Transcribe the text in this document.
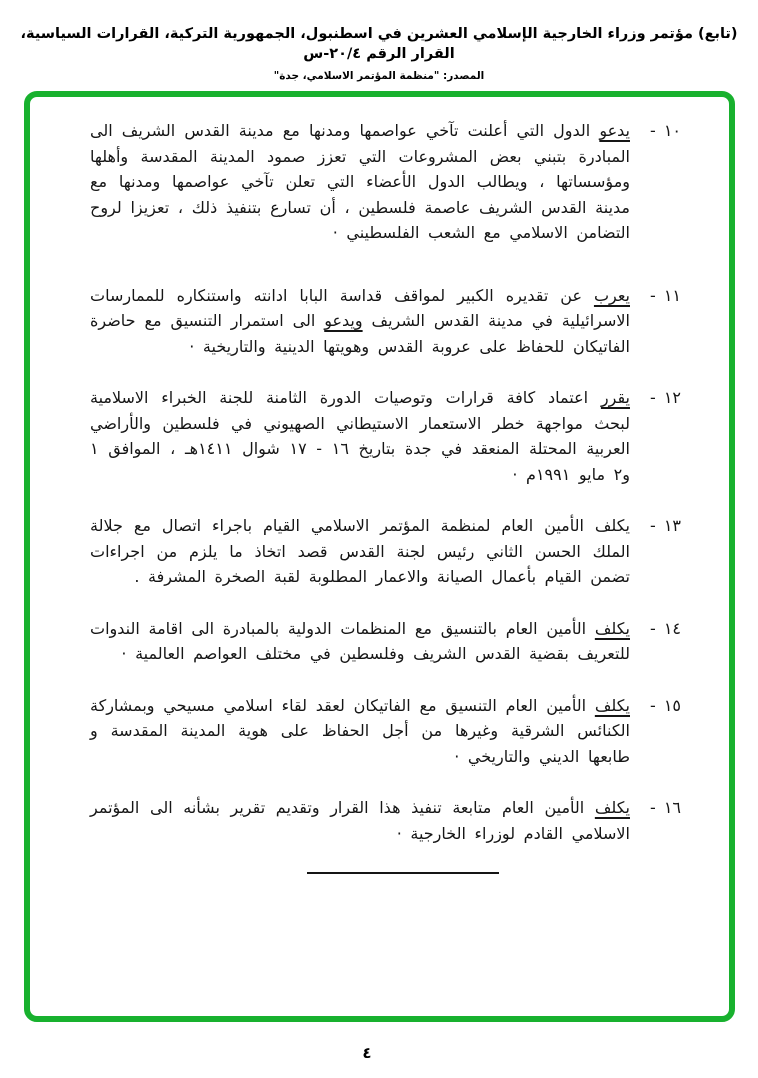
(تابع) مؤتمر وزراء الخارجية الإسلامي العشرين في اسطنبول، الجمهورية التركية، القرارات السياسية، القرار الرقم ٢٠/٤-س
المصدر: "منظمة المؤتمر الاسلامي، جدة"
١٠
-

يدعو الدول التي أعلنت تآخي عواصمها ومدنها مع مدينة القدس الشريف الى المبادرة بتبني بعض المشروعات التي تعزز صمود المدينة المقدسة وأهلها ومؤسساتها ، ويطالب الدول الأعضاء التي تعلن تآخي عواصمها ومدنها مع مدينة القدس الشريف عاصمة فلسطين ، أن تسارع بتنفيذ ذلك ، تعزيزا لروح التضامن الاسلامي مع الشعب الفلسطيني ·

١١
-

يعرب عن تقديره الكبير لمواقف قداسة البابا ادانته واستنكاره للممارسات الاسرائيلية في مدينة القدس الشريف ويدعو الى استمرار التنسيق مع حاضرة الفاتيكان للحفاظ على عروبة القدس وهويتها الدينية والتاريخية ·

١٢
-

يقرر اعتماد كافة قرارات وتوصيات الدورة الثامنة للجنة الخبراء الاسلامية لبحث مواجهة خطر الاستعمار الاستيطاني الصهيوني في فلسطين والأراضي العربية المحتلة المنعقد في جدة بتاريخ ١٦ - ١٧ شوال ١٤١١هـ ، الموافق ١ و٢ مايو ١٩٩١م ·

١٣
-

يكلف الأمين العام لمنظمة المؤتمر الاسلامي القيام باجراء اتصال مع جلالة الملك الحسن الثاني رئيس لجنة القدس قصد اتخاذ ما يلزم من اجراءات تضمن القيام بأعمال الصيانة والاعمار المطلوبة لقبة الصخرة المشرفة .

١٤
-

يكلف الأمين العام بالتنسيق مع المنظمات الدولية بالمبادرة الى اقامة الندوات للتعريف بقضية القدس الشريف وفلسطين في مختلف العواصم العالمية ·

١٥
-

يكلف الأمين العام التنسيق مع الفاتيكان لعقد لقاء اسلامي مسيحي وبمشاركة الكنائس الشرقية وغيرها من أجل الحفاظ على هوية المدينة المقدسة و طابعها الديني والتاريخي ·

١٦
-

يكلف الأمين العام متابعة تنفيذ هذا القرار وتقديم تقرير بشأنه الى المؤتمر الاسلامي القادم لوزراء الخارجية ·

٤
